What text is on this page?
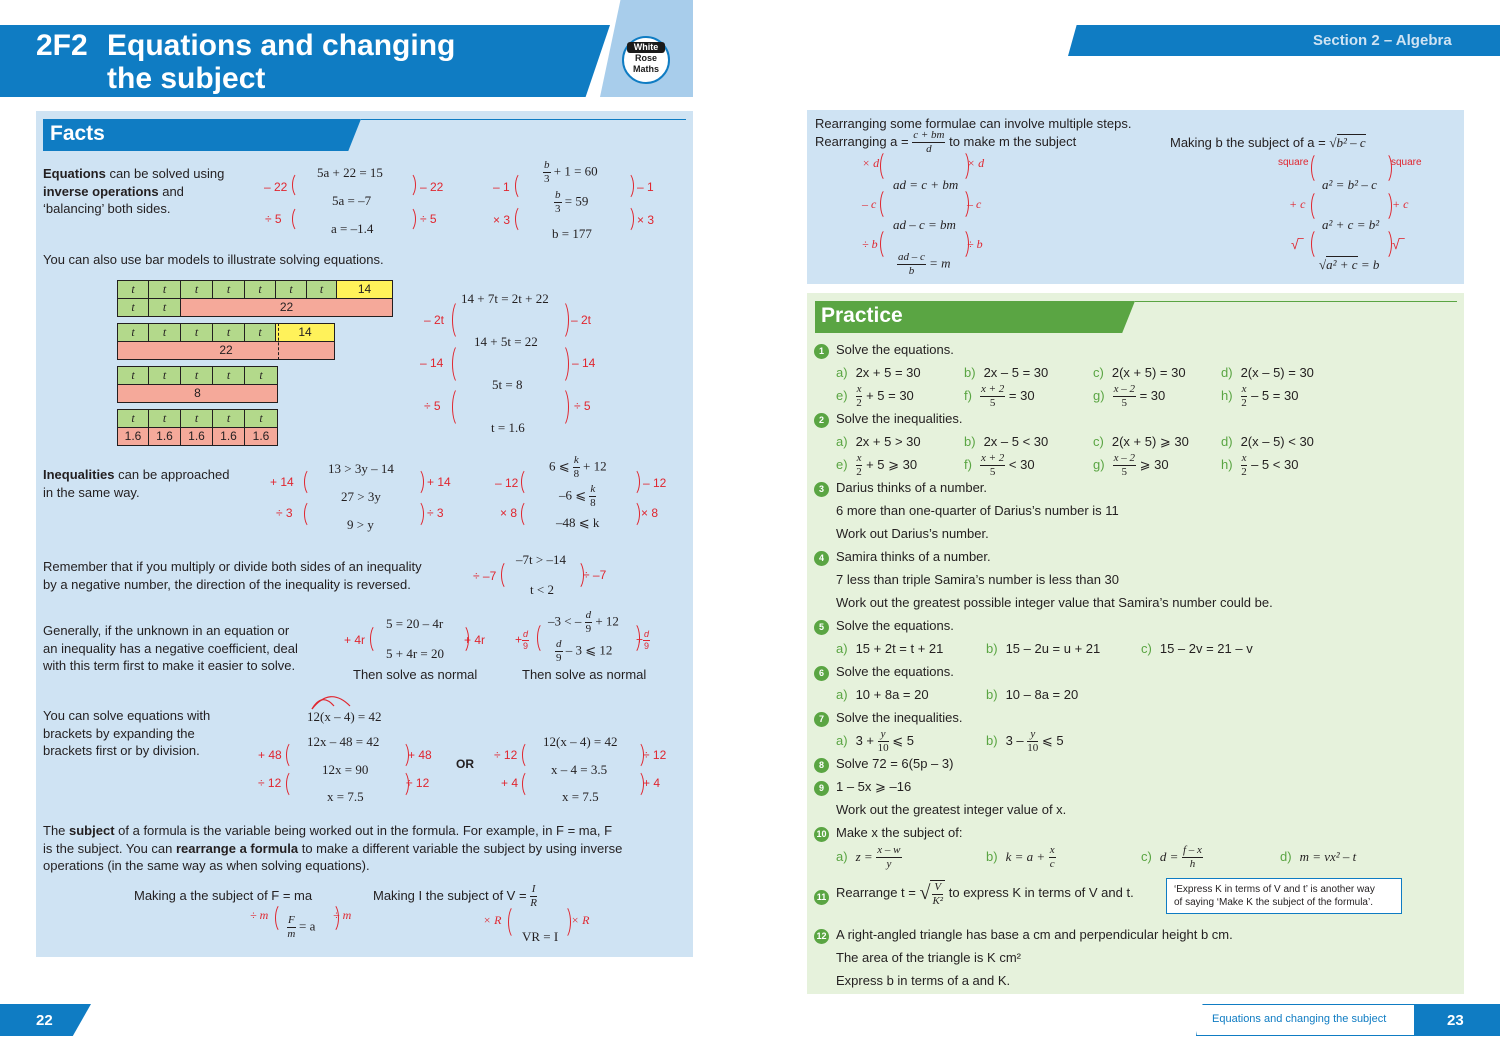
2F2 Equations and changing
the subject
White
Rose
Maths
Section 2 – Algebra
Facts
Equations can be solved using
inverse operations and
‘balancing’ both sides.
5a + 22 = 15
5a = –7
a = –1.4
– 22	– 22
÷ 5	÷ 5
$\frac{b}{3} + 1 = 60$
$\frac{b}{3} = 59$
b = 177
– 1	– 1
× 3	× 3
You can also use bar models to illustrate solving equations.
t	t	t	t	t	t	t	14
t	t	22
t	t	t	t	t	14
22
t	t	t	t	t
8
t	t	t	t	t
1.6	1.6	1.6	1.6	1.6
14 + 7t = 2t + 22
14 + 5t = 22
5t = 8
t = 1.6
– 2t	– 2t
– 14	– 14
÷ 5	÷ 5
Inequalities can be approached
in the same way.
13 > 3y – 14
27 > 3y
9 > y
+ 14	+ 14
÷ 3	÷ 3
6 ⩽ $\frac{k}{8} + 12$
–6 ⩽ $\frac{k}{8}$
–48 ⩽ k
– 12	– 12
× 8	× 8
Remember that if you multiply or divide both sides of an inequality
by a negative number, the direction of the inequality is reversed.
–7t > –14
t < 2
÷ –7	÷ –7
Generally, if the unknown in an equation or
an inequality has a negative coefficient, deal
with this term first to make it easier to solve.
5 = 20 – 4r
5 + 4r = 20
Then solve as normal
+ 4r	+ 4r
–3 < – $\frac{d}{9} + 12$
$\frac{d}{9} - 3$ ⩽ 12
Then solve as normal
+ $\frac{d}{9}$	+ $\frac{d}{9}$
You can solve equations with
brackets by expanding the
brackets first or by division.
12(x – 4) = 42
12x – 48 = 42
12x = 90
x = 7.5
+ 48	+ 48
÷ 12	÷ 12
OR
12(x – 4) = 42
x – 4 = 3.5
x = 7.5
÷ 12	÷ 12
+ 4	+ 4
The subject of a formula is the variable being worked out in the formula. For example, in F = ma, F
is the subject. You can rearrange a formula to make a different variable the subject by using inverse
operations (in the same way as when solving equations).
Making a the subject of F = ma
$\frac{F}{m} = a$
÷ m	÷ m
Making I the subject of $V = \frac{I}{R}$
VR = I
× R	× R
Rearranging some formulae can involve multiple steps.
Rearranging $a = \frac{c + bm}{d}$ to make m the subject
ad = c + bm
ad – c = bm
$\frac{ad - c}{b} = m$
× d	× d
– c	– c
÷ b	÷ b
Making b the subject of a = √b² – c
a² = b² – c
a² + c = b²
√a² + c = b
square	square
+ c	+ c
√‾	√‾
Practice
1
2
3
4
5
6
7
8
9
10
11
12
Solve the equations.
a) 2x + 5 = 30	b) 2x – 5 = 30	c) 2(x + 5) = 30	d) 2(x – 5) = 30
$e) \frac{x}{2} + 5 = 30$	$f) \frac{x + 2}{5} = 30$	$g) \frac{x - 2}{5} = 30$	$h) \frac{x}{2} - 5 = 30$
Solve the inequalities.
a) 2x + 5 > 30	b) 2x – 5 < 30	c) 2(x + 5) ⩾ 30 d) 2(x – 5) < 30
$e) \frac{x}{2} + 5$ ⩾ 30	$f) \frac{x + 2}{5} < 30$	$g) \frac{x - 2}{5}$ ⩾ 30	$h) \frac{x}{2} - 5 < 30$
Darius thinks of a number.
6 more than one-quarter of Darius’s number is 11
Work out Darius’s number.
Samira thinks of a number.
7 less than triple Samira’s number is less than 30
Work out the greatest possible integer value that Samira’s number could be.
Solve the equations.
a) 15 + 2t = t + 21	b) 15 – 2u = u + 21	c) 15 – 2v = 21 – v
Solve the equations.
a) 10 + 8a = 20	b) 10 – 8a = 20
Solve the inequalities.
a) $3 + \frac{y}{10}$ ⩽ 5	b) $3 - \frac{y}{10}$ ⩽ 5
Solve 72 = 6(5p – 3)
1 – 5x ⩾ –16
Work out the greatest integer value of x.
Make x the subject of:
a) $z = \frac{x - w}{y}$	b) $k = a + \frac{x}{c}$	c) $d = \frac{f - x}{h}$	d) m = vx² – t
Rearrange t = √ $\frac{V}{\text{K²}}$ to express K in terms of V and t.	‘Express K in terms of V and t’ is another way
of saying ‘Make K the subject of the formula’.
A right-angled triangle has base a cm and perpendicular height b cm.
The area of the triangle is K cm²
Express b in terms of a and K.
22	Equations and changing the subject	23
